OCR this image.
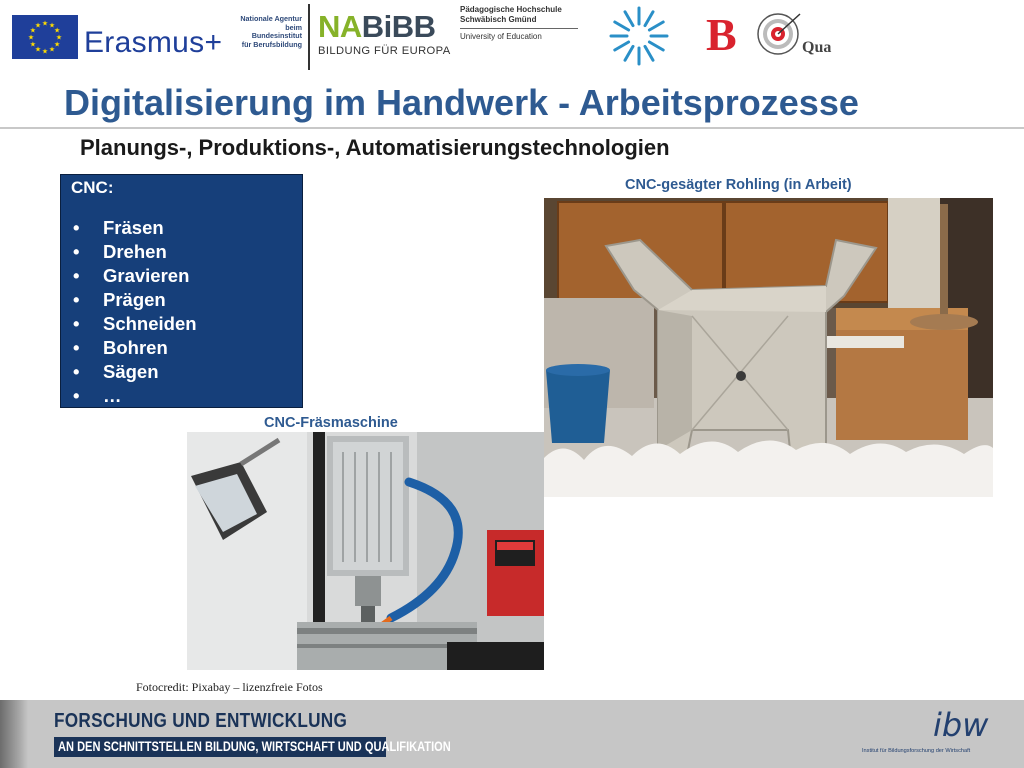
★
★
★
★
★
★
★
★
★ ★ ★
★ Erasmus+
Nationale Agentur
beim Bundesinstitut
für Berufsbildung NABiBB
BILDUNG FÜR EUROPA
Pädagogische Hochschule
Schwäbisch Gmünd
University of Education	B	Qua
Digitalisierung im Handwerk - Arbeitsprozesse
Planungs-, Produktions-, Automatisierungstechnologien
CNC:
•	Fräsen
•	Drehen
•	Gravieren
•	Prägen
•	Schneiden
•	Bohren
•	Sägen
•	…
CNC-gesägter Rohling (in Arbeit)
CNC-Fräsmaschine
Fotocredit: Pixabay – lizenzfreie Fotos
FORSCHUNG UND ENTWICKLUNG
AN DEN SCHNITTSTELLEN BILDUNG, WIRTSCHAFT UND QUALIFIKATION
ibw
Institut für Bildungsforschung der Wirtschaft
